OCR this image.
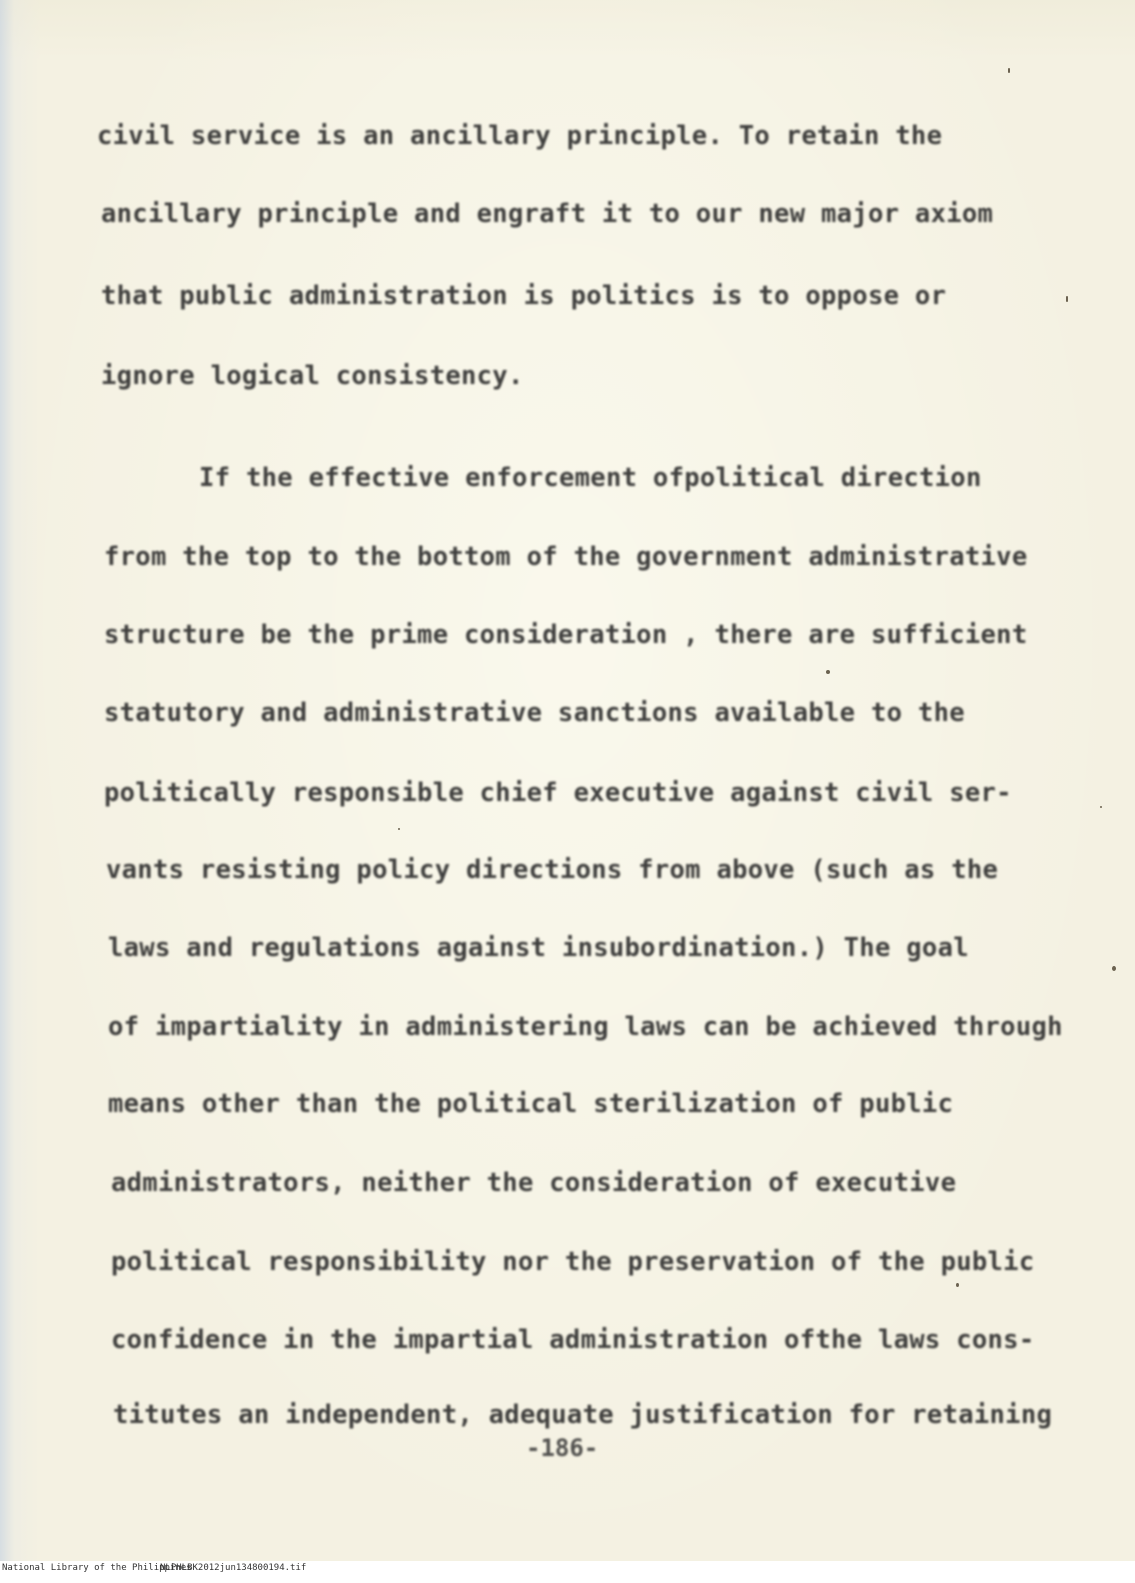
civil service is an ancillary principle. To retain the

ancillary principle and engraft it to our new major axiom

that public administration is politics is to oppose or

ignore logical consistency.

If the effective enforcement ofpolitical direction

from the top to the bottom of the government administrative

structure be the prime consideration , there are sufficient

statutory and administrative sanctions available to the

politically responsible chief executive against civil ser-

vants resisting policy directions from above (such as the

laws and regulations against insubordination.) The goal

of impartiality in administering laws can be achieved through

means other than the political sterilization of public

administrators, neither the consideration of executive

political responsibility nor the preservation of the public

confidence in the impartial administration ofthe laws cons-

titutes an independent, adequate justification for retaining

-186-

National Library of the Philippines

NLPHLBK2012jun134800194.tif
